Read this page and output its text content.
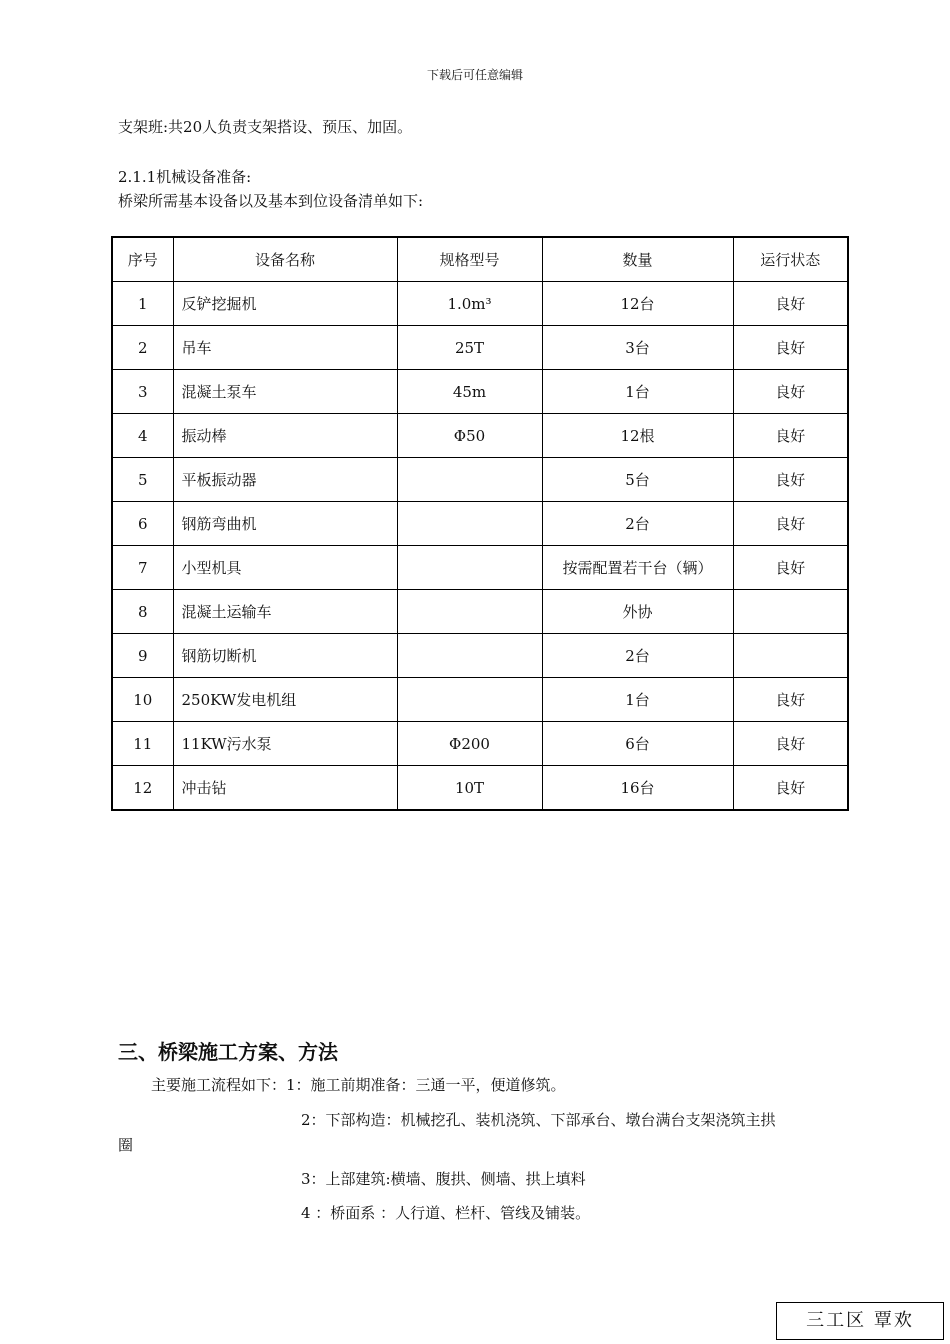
下载后可任意编辑
支架班:共20人负责支架搭设、预压、加固。
2.1.1机械设备准备:
桥梁所需基本设备以及基本到位设备清单如下:
序号	设备名称	规格型号	数量	运行状态
1	反铲挖掘机	1.0m³	12台	良好
2	吊车	25T	3台	良好
3	混凝土泵车	45m	1台	良好
4	振动棒	Φ50	12根	良好
5	平板振动器		5台	良好
6	钢筋弯曲机		2台	良好
7	小型机具		按需配置若干台（辆）	良好
8	混凝土运输车		外协	
9	钢筋切断机		2台	
10	250KW发电机组		1台	良好
11	11KW污水泵	Φ200	6台	良好
12	冲击钻	10T	16台	良好
三、桥梁施工方案、方法
主要施工流程如下：1：施工前期准备：三通一平，便道修筑。
2：下部构造：机械挖孔、装机浇筑、下部承台、墩台满台支架浇筑主拱
圈
3：上部建筑:横墙、腹拱、侧墙、拱上填料
4 ：桥面系 ：人行道、栏杆、管线及铺装。
三工区 覃欢
